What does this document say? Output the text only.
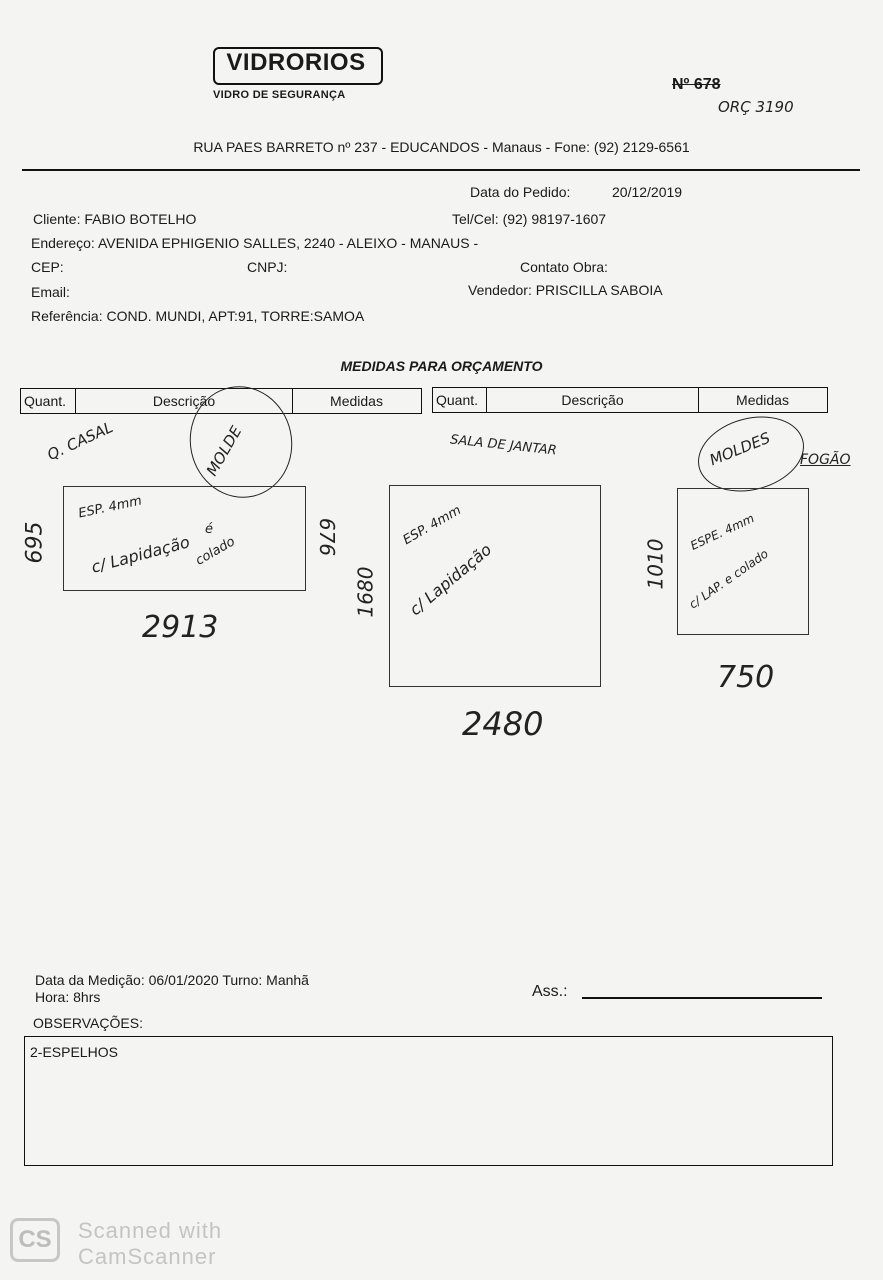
VIDRORIOS
VIDRO DE SEGURANÇA
Nº 678
ORÇ 3190
RUA PAES BARRETO nº 237 - EDUCANDOS - Manaus - Fone: (92) 2129-6561
Data do Pedido:	20/12/2019
Cliente: FABIO BOTELHO	Tel/Cel: (92) 98197-1607
Endereço: AVENIDA EPHIGENIO SALLES, 2240 - ALEIXO - MANAUS -
CEP:	CNPJ:	Contato Obra:
Email:	Vendedor: PRISCILLA SABOIA
Referência: COND. MUNDI, APT:91, TORRE:SAMOA
MEDIDAS PARA ORÇAMENTO
Quant.	Descrição	Medidas	Quant.	Descrição	Medidas
Q. CASAL	MOLDE
ESP. 4mm
c/ Lapidação
é
colado
695	676
2913
SALA DE JANTAR
ESP. 4mm
c/ Lapidação
1680
2480
MOLDES FOGÃO
ESPE. 4mm
c/ LAP. e colado
1010
750
Data da Medição: 06/01/2020 Turno: Manhã
Hora: 8hrs	Ass.:
OBSERVAÇÕES:
2-ESPELHOS
CS	Scanned with
CamScanner
